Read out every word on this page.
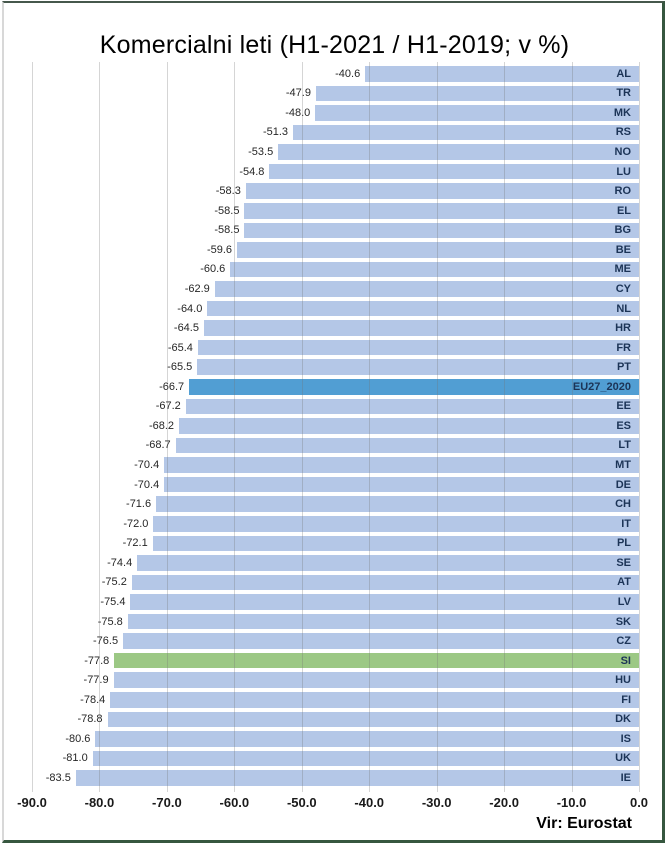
Komercialni leti (H1-2021 / H1-2019; v %)
-40.6	AL
-47.9	TR
-48.0	MK
-51.3	RS
-53.5	NO
-54.8	LU
-58.3	RO
-58.5	EL
-58.5	BG
-59.6	BE
-60.6	ME
-62.9	CY
-64.0	NL
-64.5	HR
-65.4	FR
-65.5	PT
-66.7	EU27_2020
-67.2	EE
-68.2	ES
-68.7	LT
-70.4	MT
-70.4	DE
-71.6	CH
-72.0	IT
-72.1	PL
-74.4	SE
-75.2	AT
-75.4	LV
-75.8	SK
-76.5	CZ
-77.8	SI
-77.9	HU
-78.4	FI
-78.8	DK
-80.6	IS
-81.0	UK
-83.5	IE
-90.0	-80.0	-70.0	-60.0	-50.0	-40.0	-30.0	-20.0	-10.0	0.0
Vir: Eurostat
